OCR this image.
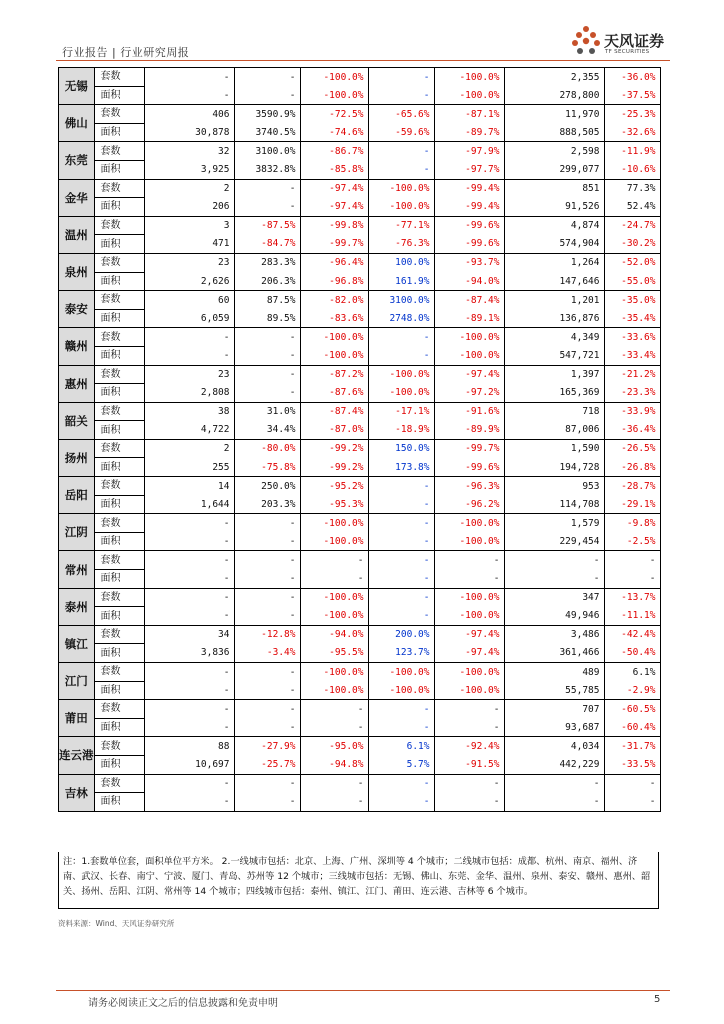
行业报告 | 行业研究周报
天风证券
TF SECURITIES
无锡	套数	-	-	-100.0%	-	-100.0%	2,355	-36.0%
	面积	-	-	-100.0%	-	-100.0%	278,800	-37.5%
佛山	套数	406	3590.9%	-72.5%	-65.6%	-87.1%	11,970	-25.3%
	面积	30,878	3740.5%	-74.6%	-59.6%	-89.7%	888,505	-32.6%
东莞	套数	32	3100.0%	-86.7%	-	-97.9%	2,598	-11.9%
	面积	3,925	3832.8%	-85.8%	-	-97.7%	299,077	-10.6%
金华	套数	2	-	-97.4%	-100.0%	-99.4%	851	77.3%
	面积	206	-	-97.4%	-100.0%	-99.4%	91,526	52.4%
温州	套数	3	-87.5%	-99.8%	-77.1%	-99.6%	4,874	-24.7%
	面积	471	-84.7%	-99.7%	-76.3%	-99.6%	574,904	-30.2%
泉州	套数	23	283.3%	-96.4%	100.0%	-93.7%	1,264	-52.0%
	面积	2,626	206.3%	-96.8%	161.9%	-94.0%	147,646	-55.0%
泰安	套数	60	87.5%	-82.0%	3100.0%	-87.4%	1,201	-35.0%
	面积	6,059	89.5%	-83.6%	2748.0%	-89.1%	136,876	-35.4%
赣州	套数	-	-	-100.0%	-	-100.0%	4,349	-33.6%
	面积	-	-	-100.0%	-	-100.0%	547,721	-33.4%
惠州	套数	23	-	-87.2%	-100.0%	-97.4%	1,397	-21.2%
	面积	2,808	-	-87.6%	-100.0%	-97.2%	165,369	-23.3%
韶关	套数	38	31.0%	-87.4%	-17.1%	-91.6%	718	-33.9%
	面积	4,722	34.4%	-87.0%	-18.9%	-89.9%	87,006	-36.4%
扬州	套数	2	-80.0%	-99.2%	150.0%	-99.7%	1,590	-26.5%
	面积	255	-75.8%	-99.2%	173.8%	-99.6%	194,728	-26.8%
岳阳	套数	14	250.0%	-95.2%	-	-96.3%	953	-28.7%
	面积	1,644	203.3%	-95.3%	-	-96.2%	114,708	-29.1%
江阴	套数	-	-	-100.0%	-	-100.0%	1,579	-9.8%
	面积	-	-	-100.0%	-	-100.0%	229,454	-2.5%
常州	套数	-	-	-	-	-	-	-
	面积	-	-	-	-	-	-	-
泰州	套数	-	-	-100.0%	-	-100.0%	347	-13.7%
	面积	-	-	-100.0%	-	-100.0%	49,946	-11.1%
镇江	套数	34	-12.8%	-94.0%	200.0%	-97.4%	3,486	-42.4%
	面积	3,836	-3.4%	-95.5%	123.7%	-97.4%	361,466	-50.4%
江门	套数	-	-	-100.0%	-100.0%	-100.0%	489	6.1%
	面积	-	-	-100.0%	-100.0%	-100.0%	55,785	-2.9%
莆田	套数	-	-	-	-	-	707	-60.5%
	面积	-	-	-	-	-	93,687	-60.4%
连云港	套数	88	-27.9%	-95.0%	6.1%	-92.4%	4,034	-31.7%
	面积	10,697	-25.7%	-94.8%	5.7%	-91.5%	442,229	-33.5%
吉林	套数	-	-	-	-	-	-	-
	面积	-	-	-	-	-	-	-
注：1.套数单位套，面积单位平方米。 2.一线城市包括：北京、上海、广州、深圳等 4 个城市；二线城市包括：成都、杭州、南京、福州、济南、武汉、长春、南宁、宁波、厦门、青岛、苏州等 12 个城市；三线城市包括：无锡、佛山、东莞、金华、温州、泉州、泰安、赣州、惠州、韶关、扬州、岳阳、江阴、常州等 14 个城市；四线城市包括：泰州、镇江、江门、莆田、连云港、吉林等 6 个城市。
资料来源：Wind、天风证券研究所
请务必阅读正文之后的信息披露和免责申明	5
